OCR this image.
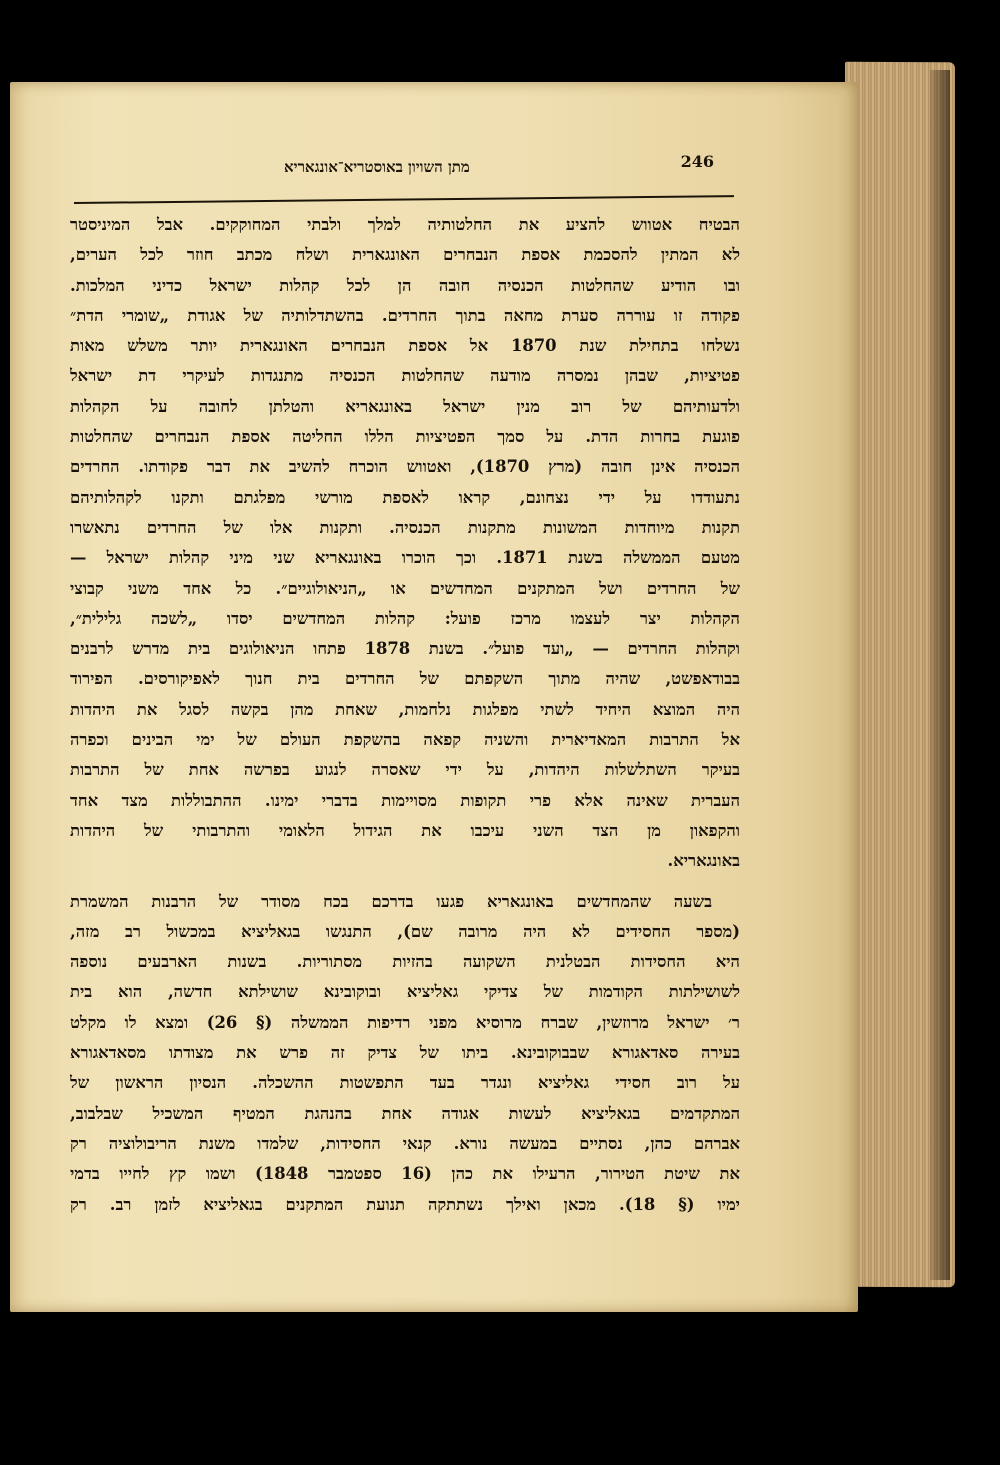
246
מתן השויון באוסטריא־אונגאריא
הבטיח אטווש להציע את החלטותיה למלך ולבתי המחוקקים. אבל המיניסטר
לא המתין להסכמת אספת הנבחרים האונגארית ושלח מכתב חוזר לכל הערים,
ובו הודיע שהחלטות הכנסיה חובה הן לכל קהלות ישראל כדיני המלכות.
פקודה זו עוררה סערת מחאה בתוך החרדים. בהשתדלותיה של אגודת „שומרי הדת״
נשלחו בתחילת שנת 1870 אל אספת הנבחרים האונגארית יותר משלש מאות
פטיציות, שבהן נמסרה מודעה שהחלטות הכנסיה מתנגדות לעיקרי דת ישראל
ולדעותיהם של רוב מנין ישראל באונגאריא והטלתן לחובה על הקהלות
פוגעת בחרות הדת. על סמך הפטיציות הללו החליטה אספת הנבחרים שהחלטות
הכנסיה אינן חובה (מרץ 1870), ואטווש הוכרח להשיב את דבר פקודתו. החרדים
נתעודדו על ידי נצחונם, קראו לאספת מורשי מפלגתם ותקנו לקהלותיהם
תקנות מיוחדות המשונות מתקנות הכנסיה. ותקנות אלו של החרדים נתאשרו
מטעם הממשלה בשנת 1871. וכך הוכרו באונגאריא שני מיני קהלות ישראל —
של החרדים ושל המתקנים המחדשים או „הניאולוגיים״. כל אחד משני קבוצי
הקהלות יצר לעצמו מרכז פועל: קהלות המחדשים יסדו „לשכה גלילית״,
וקהלות החרדים — „ועד פועל״. בשנת 1878 פתחו הניאולוגים בית מדרש לרבנים
בבודאפשט, שהיה מתוך השקפתם של החרדים בית חנוך לאפיקורסים. הפירוד
היה המוצא היחיד לשתי מפלגות נלחמות, שאחת מהן בקשה לסגל את היהדות
אל התרבות המאדיארית והשניה קפאה בהשקפת העולם של ימי הבינים וכפרה
בעיקר השתלשלות היהדות, על ידי שאסרה לנגוע בפרשה אחת של התרבות
העברית שאינה אלא פרי תקופות מסויימות בדברי ימינו. ההתבוללות מצד אחד
והקפאון מן הצד השני עיכבו את הגידול הלאומי והתרבותי של היהדות
באונגאריא.
בשעה שהמחדשים באונגאריא פגעו בדרכם בכח מסודר של הרבנות המשמרת
(מספר החסידים לא היה מרובה שם), התנגשו בגאליציא במכשול רב מזה,
היא החסידות הבטלנית השקועה בהזיות מסתוריות. בשנות הארבעים נוספה
לשושילתות הקודמות של צדיקי גאליציא ובוקובינא שושילתא חדשה, הוא בית
ר׳ ישראל מרוזשין, שברח מרוסיא מפני רדיפות הממשלה (§ 26) ומצא לו מקלט
בעירה סאדאגורא שבבוקובינא. ביתו של צדיק זה פרש את מצודתו מסאדאגורא
על רוב חסידי גאליציא ונגדר בעד התפשטות ההשכלה. הנסיון הראשון של
המתקדמים בגאליציא לעשות אגודה אחת בהנהגת המטיף המשכיל שבלבוב,
אברהם כהן, נסתיים במעשה נורא. קנאי החסידות, שלמדו משנת הריבולוציה רק
את שיטת הטירור, הרעילו את כהן (16 ספטמבר 1848) ושמו קץ לחייו בדמי
ימיו (§ 18). מכאן ואילך נשתתקה תנועת המתקנים בגאליציא לזמן רב. רק
